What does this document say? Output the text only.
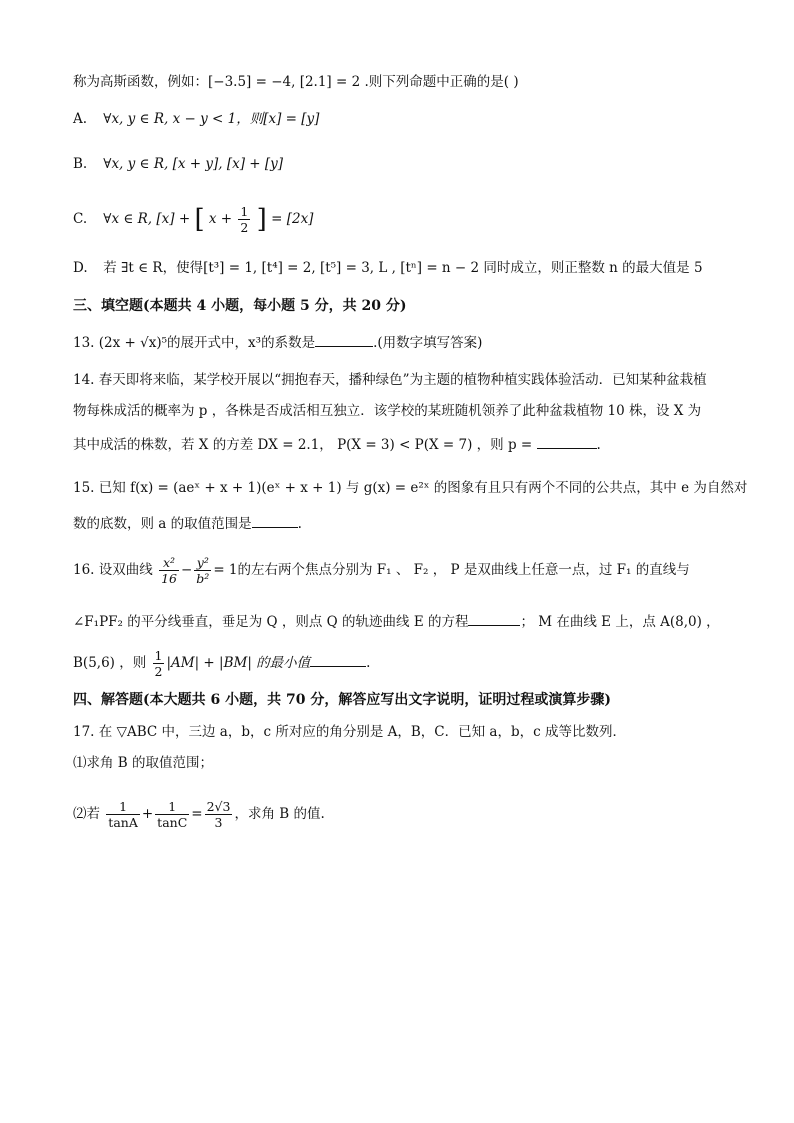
称为高斯函数，例如：[−3.5] = −4, [2.1] = 2 .则下列命题中正确的是( )
A. ∀x, y ∈ R, x − y < 1，则[x] = [y]
B. ∀x, y ∈ R, [x + y], [x] + [y]
C. ∀x ∈ R, [x] + [ $x + \frac{1}{2}$ ] = [2x]
D. 若 ∃t ∈ R，使得[t³] = 1, [t⁴] = 2, [t⁵] = 3, L , [tⁿ] = n − 2 同时成立，则正整数 n 的最大值是 5
三、填空题(本题共 4 小题，每小题 5 分，共 20 分)
13. (2x + √x)⁵的展开式中，x³的系数是	.(用数字填写答案)
14. 春天即将来临，某学校开展以“拥抱春天，播种绿色”为主题的植物种植实践体验活动．已知某种盆栽植
物每株成活的概率为 p ，各株是否成活相互独立．该学校的某班随机领养了此种盆栽植物 10 株，设 X 为
其中成活的株数，若 X 的方差 DX = 2.1， P(X = 3) < P(X = 7) ，则 p =	.
15. 已知 f(x) = (aeˣ + x + 1)(eˣ + x + 1) 与 g(x) = e²ˣ 的图象有且只有两个不同的公共点，其中 e 为自然对
数的底数，则 a 的取值范围是	.
16. 设双曲线 $\frac{\text{x²}}{16} - \frac{\text{y²}}{\text{b²}} = 1$的左右两个焦点分别为 F₁ 、 F₂ ， P 是双曲线上任意一点，过 F₁ 的直线与
∠F₁PF₂ 的平分线垂直，垂足为 Q ，则点 Q 的轨迹曲线 E 的方程	； M 在曲线 E 上，点 A(8,0) ，
B(5,6) ，则 $\frac{1}{2} |AM| + |BM|$ 的最小值	.
四、解答题(本大题共 6 小题，共 70 分，解答应写出文字说明，证明过程或演算步骤)
17. 在 ▽ABC 中，三边 a，b，c 所对应的角分别是 A，B，C．已知 a，b，c 成等比数列．
⑴求角 B 的取值范围；
⑵若 $\frac{1}{\tan A} + \frac{1}{\tan C} = \frac{2√3}{3}$ ，求角 B 的值.
